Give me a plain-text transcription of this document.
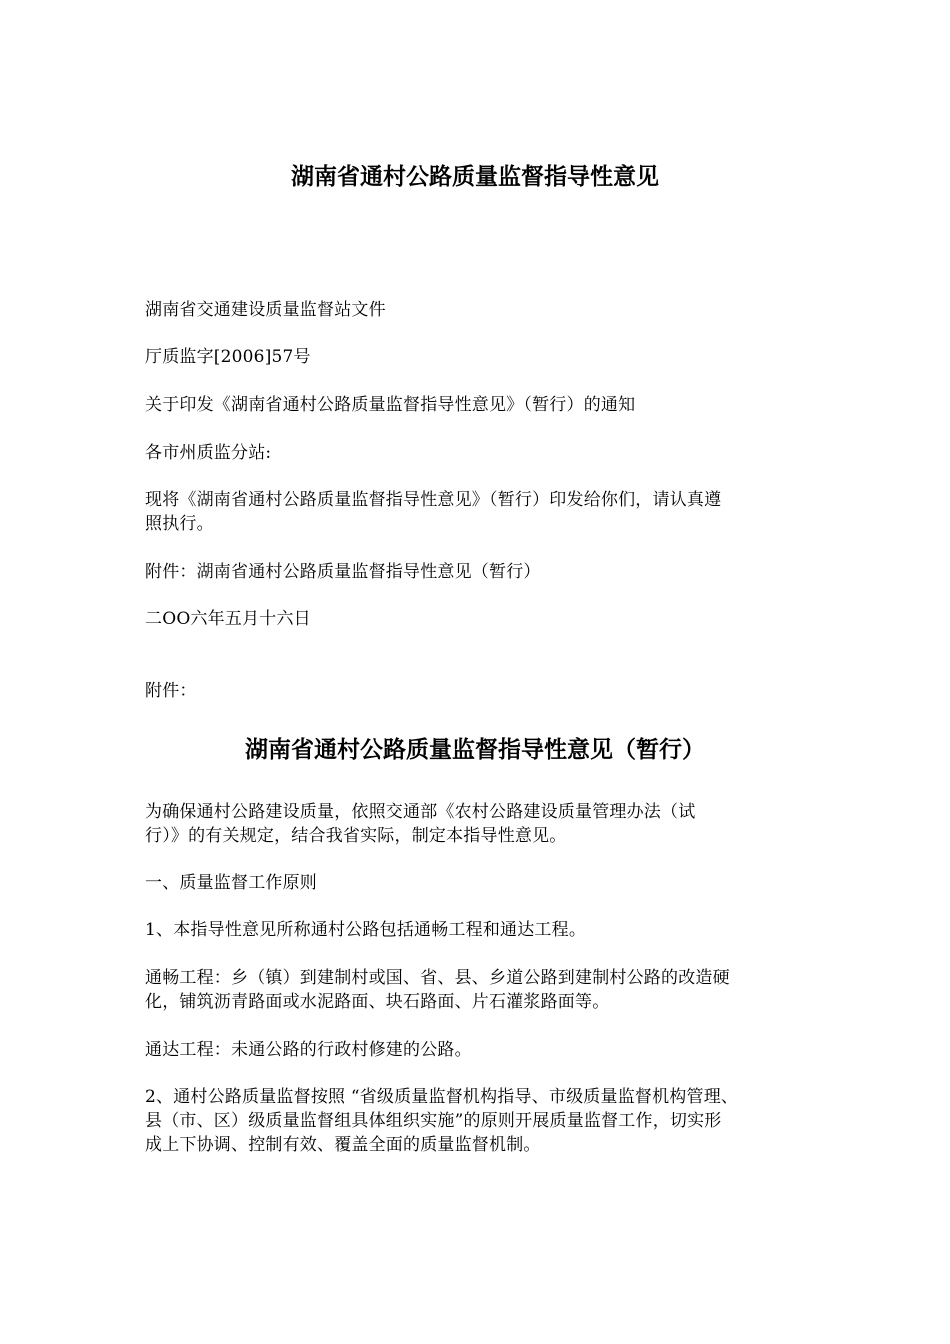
湖南省通村公路质量监督指导性意见

湖南省交通建设质量监督站文件

厅质监字[2006]57号

关于印发《湖南省通村公路质量监督指导性意见》（暂行）的通知

各市州质监分站:

现将《湖南省通村公路质量监督指导性意见》（暂行）印发给你们，请认真遵
照执行。

附件：湖南省通村公路质量监督指导性意见（暂行）

二OO六年五月十六日

附件：

湖南省通村公路质量监督指导性意见（暂行）
为确保通村公路建设质量，依照交通部《农村公路建设质量管理办法（试
行）》的有关规定，结合我省实际，制定本指导性意见。

一、质量监督工作原则

1、本指导性意见所称通村公路包括通畅工程和通达工程。

通畅工程：乡（镇）到建制村或国、省、县、乡道公路到建制村公路的改造硬
化，铺筑沥青路面或水泥路面、块石路面、片石灌浆路面等。

通达工程：未通公路的行政村修建的公路。

2、通村公路质量监督按照 “省级质量监督机构指导、市级质量监督机构管理、
县（市、区）级质量监督组具体组织实施”的原则开展质量监督工作，切实形
成上下协调、控制有效、覆盖全面的质量监督机制。
